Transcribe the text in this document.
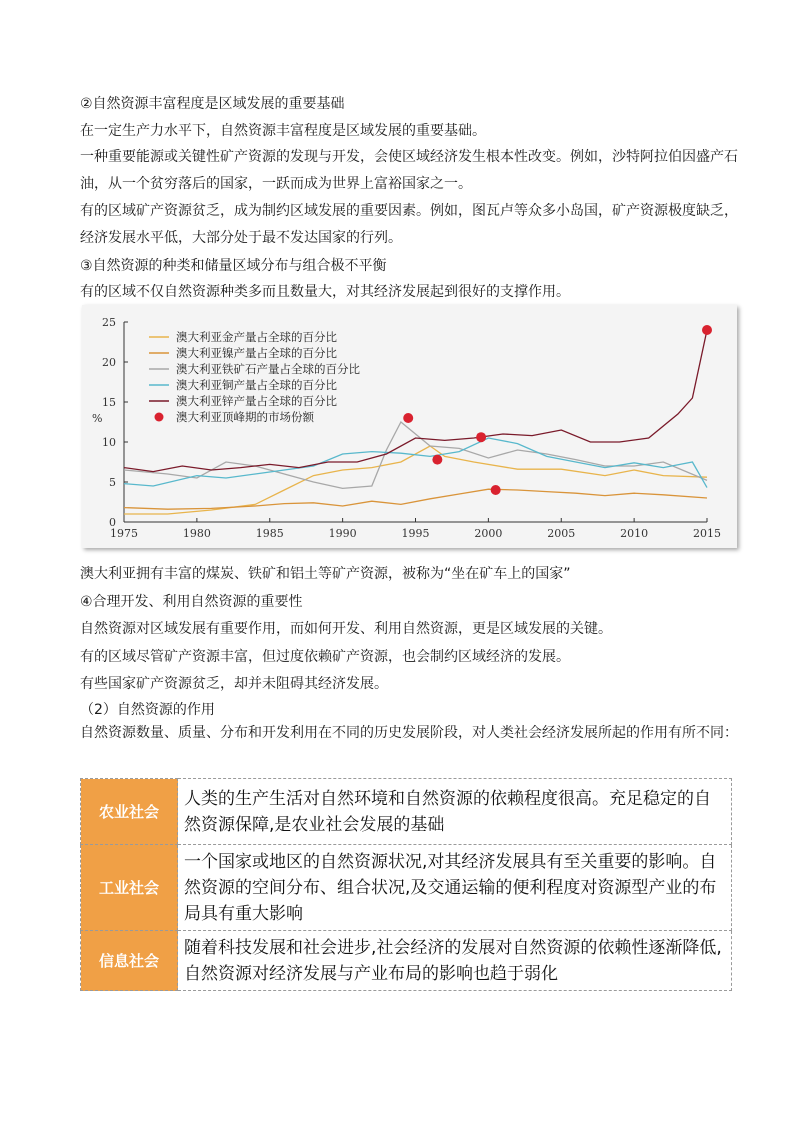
②自然资源丰富程度是区域发展的重要基础
在一定生产力水平下，自然资源丰富程度是区域发展的重要基础。
一种重要能源或关键性矿产资源的发现与开发，会使区域经济发生根本性改变。例如，沙特阿拉伯因盛产石油，从一个贫穷落后的国家，一跃而成为世界上富裕国家之一。
有的区域矿产资源贫乏，成为制约区域发展的重要因素。例如，图瓦卢等众多小岛国，矿产资源极度缺乏，经济发展水平低，大部分处于最不发达国家的行列。
③自然资源的种类和储量区域分布与组合极不平衡
有的区域不仅自然资源种类多而且数量大，对其经济发展起到很好的支撑作用。
0
5
10
15
20
25
1975	1980	1985	1990	1995	2000	2005	2010	2015
%
澳大利亚金产量占全球的百分比
澳大利亚镍产量占全球的百分比
澳大利亚铁矿石产量占全球的百分比
澳大利亚铜产量占全球的百分比
澳大利亚锌产量占全球的百分比
澳大利亚顶峰期的市场份额
澳大利亚拥有丰富的煤炭、铁矿和铝土等矿产资源，被称为“坐在矿车上的国家”
④合理开发、利用自然资源的重要性
自然资源对区域发展有重要作用，而如何开发、利用自然资源，更是区域发展的关键。
有的区域尽管矿产资源丰富，但过度依赖矿产资源，也会制约区域经济的发展。
有些国家矿产资源贫乏，却并未阻碍其经济发展。
（2）自然资源的作用
自然资源数量、质量、分布和开发利用在不同的历史发展阶段，对人类社会经济发展所起的作用有所不同：
农业社会	人类的生产生活对自然环境和自然资源的依赖程度很高。充足稳定的自然资源保障,是农业社会发展的基础
工业社会	一个国家或地区的自然资源状况,对其经济发展具有至关重要的影响。自然资源的空间分布、组合状况,及交通运输的便利程度对资源型产业的布局具有重大影响
信息社会	随着科技发展和社会进步,社会经济的发展对自然资源的依赖性逐渐降低,自然资源对经济发展与产业布局的影响也趋于弱化
